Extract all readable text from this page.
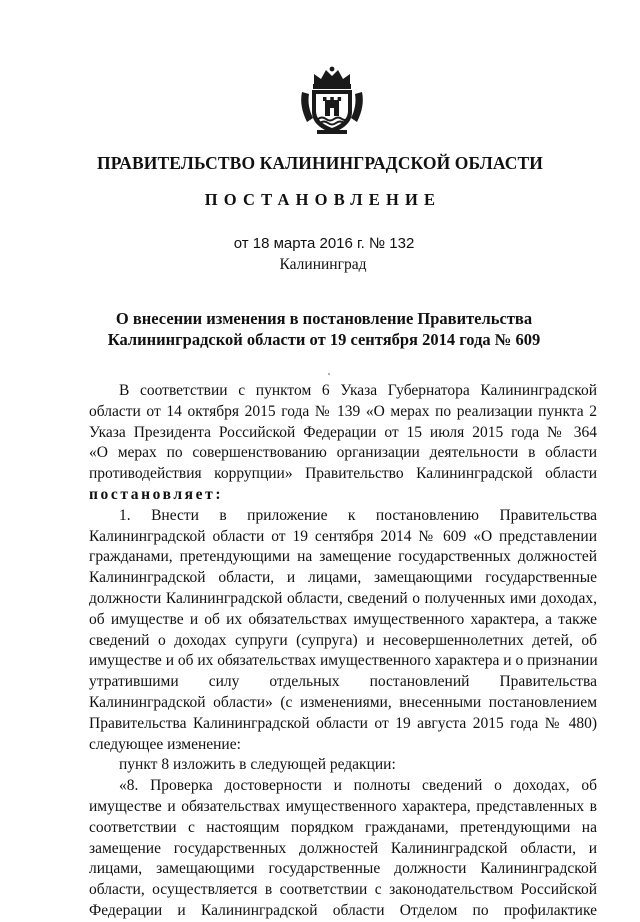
ПРАВИТЕЛЬСТВО КАЛИНИНГРАДСКОЙ ОБЛАСТИ
ПОСТАНОВЛЕНИЕ
от 18 марта 2016 г. № 132
Калининград
О внесении изменения в постановление Правительства
Калининградской области от 19 сентября 2014 года № 609
В соответствии с пунктом 6 Указа Губернатора Калининградской
области от 14 октября 2015 года № 139 «О мерах по реализации пункта 2
Указа Президента Российской Федерации от 15 июля 2015 года № 364
«О мерах по совершенствованию организации деятельности в области
противодействия коррупции» Правительство Калининградской области
постановляет:
1. Внести в приложение к постановлению Правительства
Калининградской области от 19 сентября 2014 № 609 «О представлении
гражданами, претендующими на замещение государственных должностей
Калининградской области, и лицами, замещающими государственные
должности Калининградской области, сведений о полученных ими доходах,
об имуществе и об их обязательствах имущественного характера, а также
сведений о доходах супруги (супруга) и несовершеннолетних детей, об
имуществе и об их обязательствах имущественного характера и о признании
утратившими силу отдельных постановлений Правительства
Калининградской области» (с изменениями, внесенными постановлением
Правительства Калининградской области от 19 августа 2015 года № 480)
следующее изменение:
пункт 8 изложить в следующей редакции:
«8. Проверка достоверности и полноты сведений о доходах, об
имуществе и обязательствах имущественного характера, представленных в
соответствии с настоящим порядком гражданами, претендующими на
замещение государственных должностей Калининградской области, и
лицами, замещающими государственные должности Калининградской
области, осуществляется в соответствии с законодательством Российской
Федерации и Калининградской области Отделом по профилактике
